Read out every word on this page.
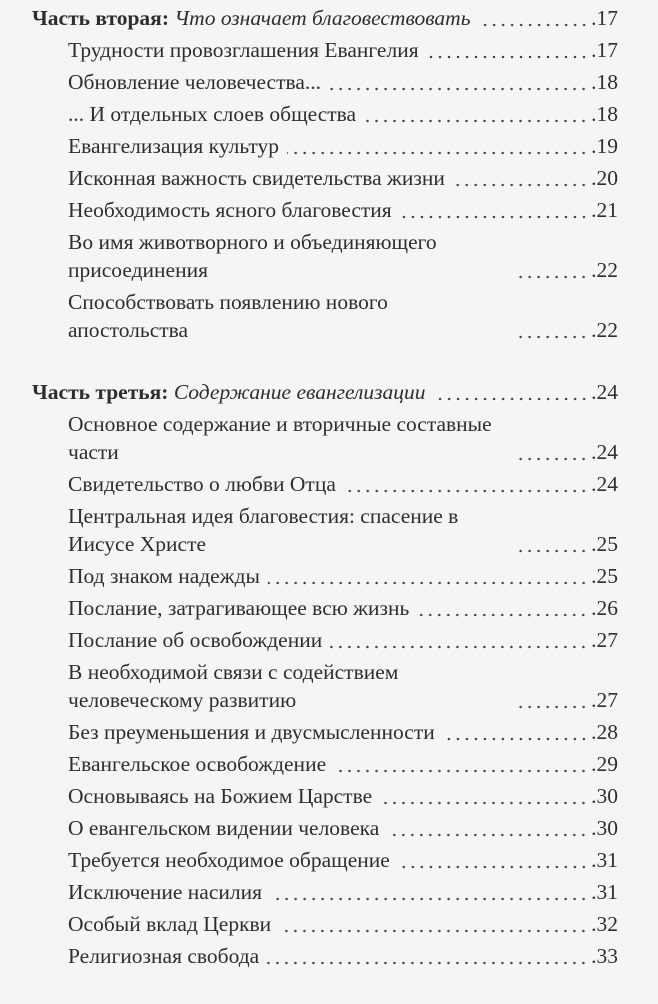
Часть вторая: Что означает благовествовать	.17
Трудности провозглашения Евангелия	.17
Обновление человечества...	.18
... И отдельных слоев общества	.18
Евангелизация культур	.19
Исконная важность свидетельства жизни	.20
Необходимость ясного благовестия	.21
Во имя животворного и объединяющего присоединения	.22
Способствовать появлению нового апостольства	.22
Часть третья: Содержание евангелизации	.24
Основное содержание и вторичные составные части	.24
Свидетельство о любви Отца	.24
Центральная идея благовестия: спасение в Иисусе Христе	.25
Под знаком надежды	.25
Послание, затрагивающее всю жизнь	.26
Послание об освобождении	.27
В необходимой связи с содействием человеческому развитию	.27
Без преуменьшения и двусмысленности	.28
Евангельское освобождение	.29
Основываясь на Божием Царстве	.30
О евангельском видении человека	.30
Требуется необходимое обращение	.31
Исключение насилия	.31
Особый вклад Церкви	.32
Религиозная свобода	.33
